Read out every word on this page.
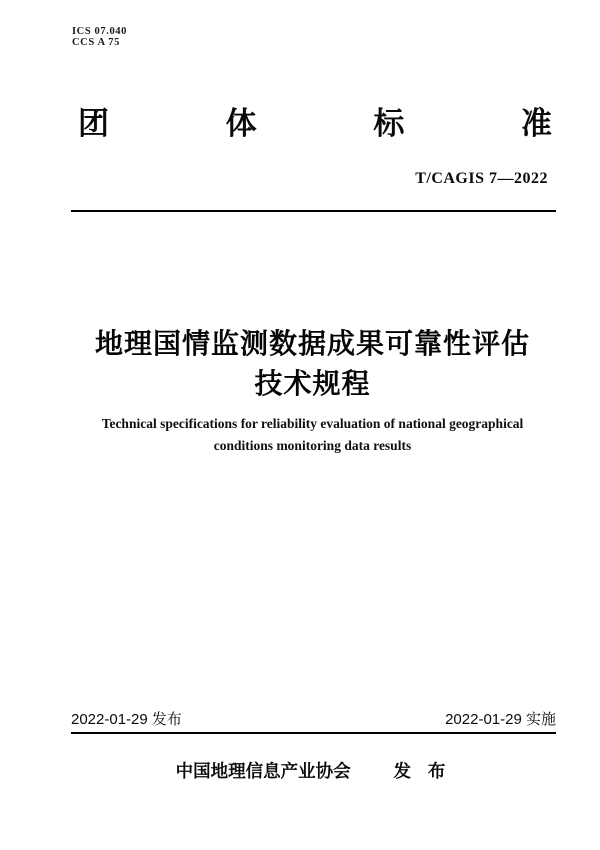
ICS 07.040
CCS A 75
团	体	标	准
T/CAGIS 7—2022
地理国情监测数据成果可靠性评估
技术规程
Technical specifications for reliability evaluation of national geographical
conditions monitoring data results
2022-01-29 发布	2022-01-29 实施
中国地理信息产业协会 发 布
